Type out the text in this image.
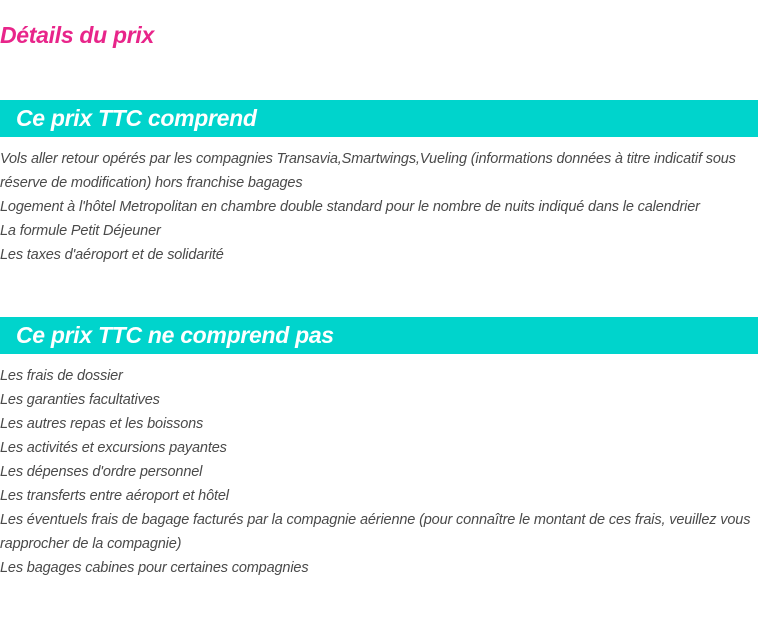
Détails du prix
Ce prix TTC comprend
Vols aller retour opérés par les compagnies Transavia,Smartwings,Vueling (informations données à titre indicatif sous réserve de modification) hors franchise bagages
Logement à l'hôtel Metropolitan en chambre double standard pour le nombre de nuits indiqué dans le calendrier
La formule Petit Déjeuner
Les taxes d'aéroport et de solidarité
Ce prix TTC ne comprend pas
Les frais de dossier
Les garanties facultatives
Les autres repas et les boissons
Les activités et excursions payantes
Les dépenses d'ordre personnel
Les transferts entre aéroport et hôtel
Les éventuels frais de bagage facturés par la compagnie aérienne (pour connaître le montant de ces frais, veuillez vous rapprocher de la compagnie)
Les bagages cabines pour certaines compagnies
